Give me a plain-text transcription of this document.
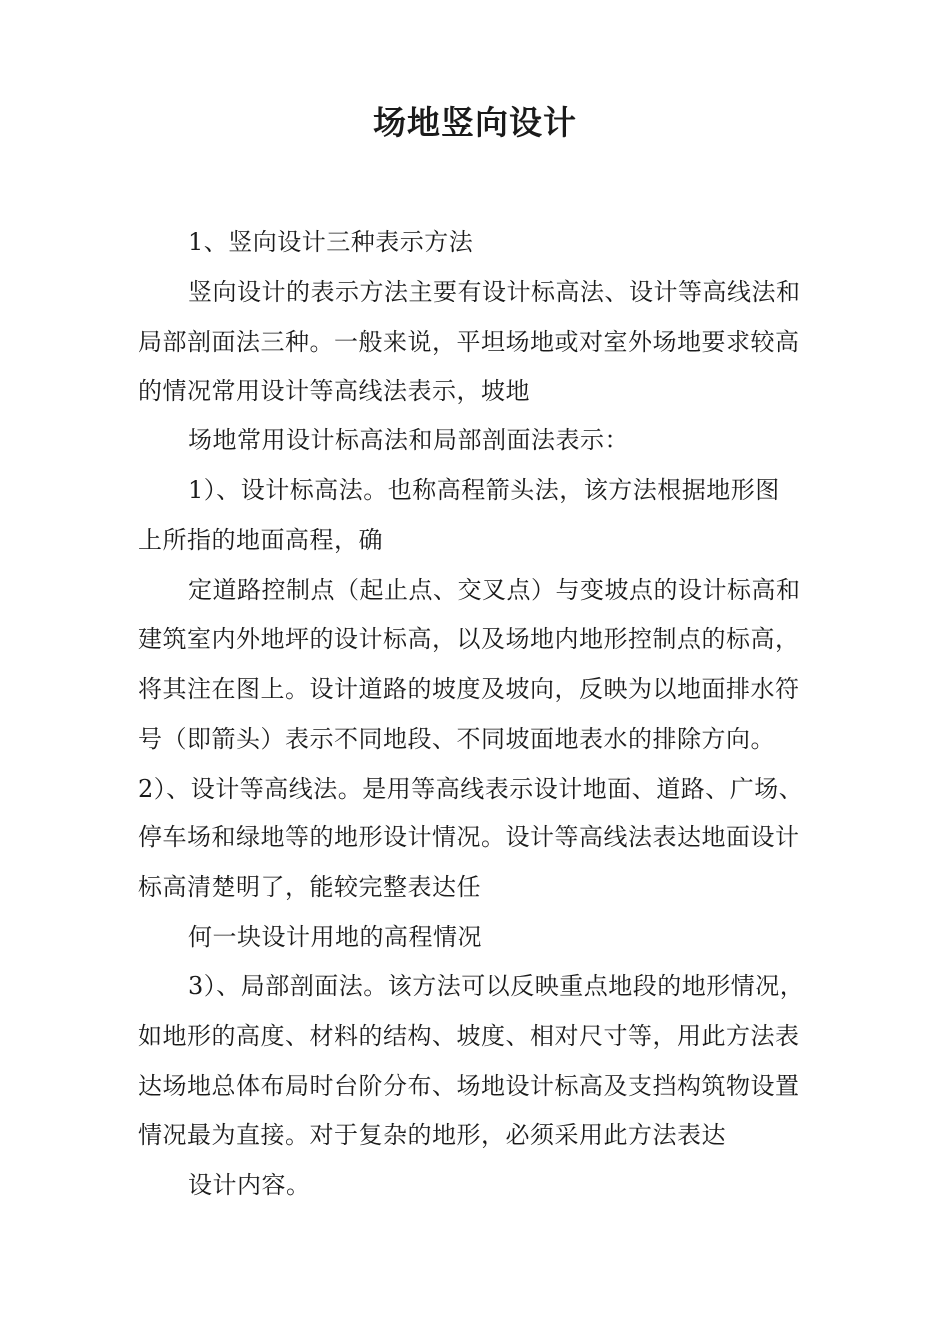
场地竖向设计
1、竖向设计三种表示方法
竖向设计的表示方法主要有设计标高法、设计等高线法和
局部剖面法三种。一般来说，平坦场地或对室外场地要求较高
的情况常用设计等高线法表示，坡地
场地常用设计标高法和局部剖面法表示：
1）、设计标高法。也称高程箭头法，该方法根据地形图
上所指的地面高程，确
定道路控制点（起止点、交叉点）与变坡点的设计标高和
建筑室内外地坪的设计标高，以及场地内地形控制点的标高，
将其注在图上。设计道路的坡度及坡向，反映为以地面排水符
号（即箭头）表示不同地段、不同坡面地表水的排除方向。
2）、设计等高线法。是用等高线表示设计地面、道路、广场、
停车场和绿地等的地形设计情况。设计等高线法表达地面设计
标高清楚明了，能较完整表达任
何一块设计用地的高程情况
3）、局部剖面法。该方法可以反映重点地段的地形情况，
如地形的高度、材料的结构、坡度、相对尺寸等，用此方法表
达场地总体布局时台阶分布、场地设计标高及支挡构筑物设置
情况最为直接。对于复杂的地形，必须采用此方法表达
设计内容。
